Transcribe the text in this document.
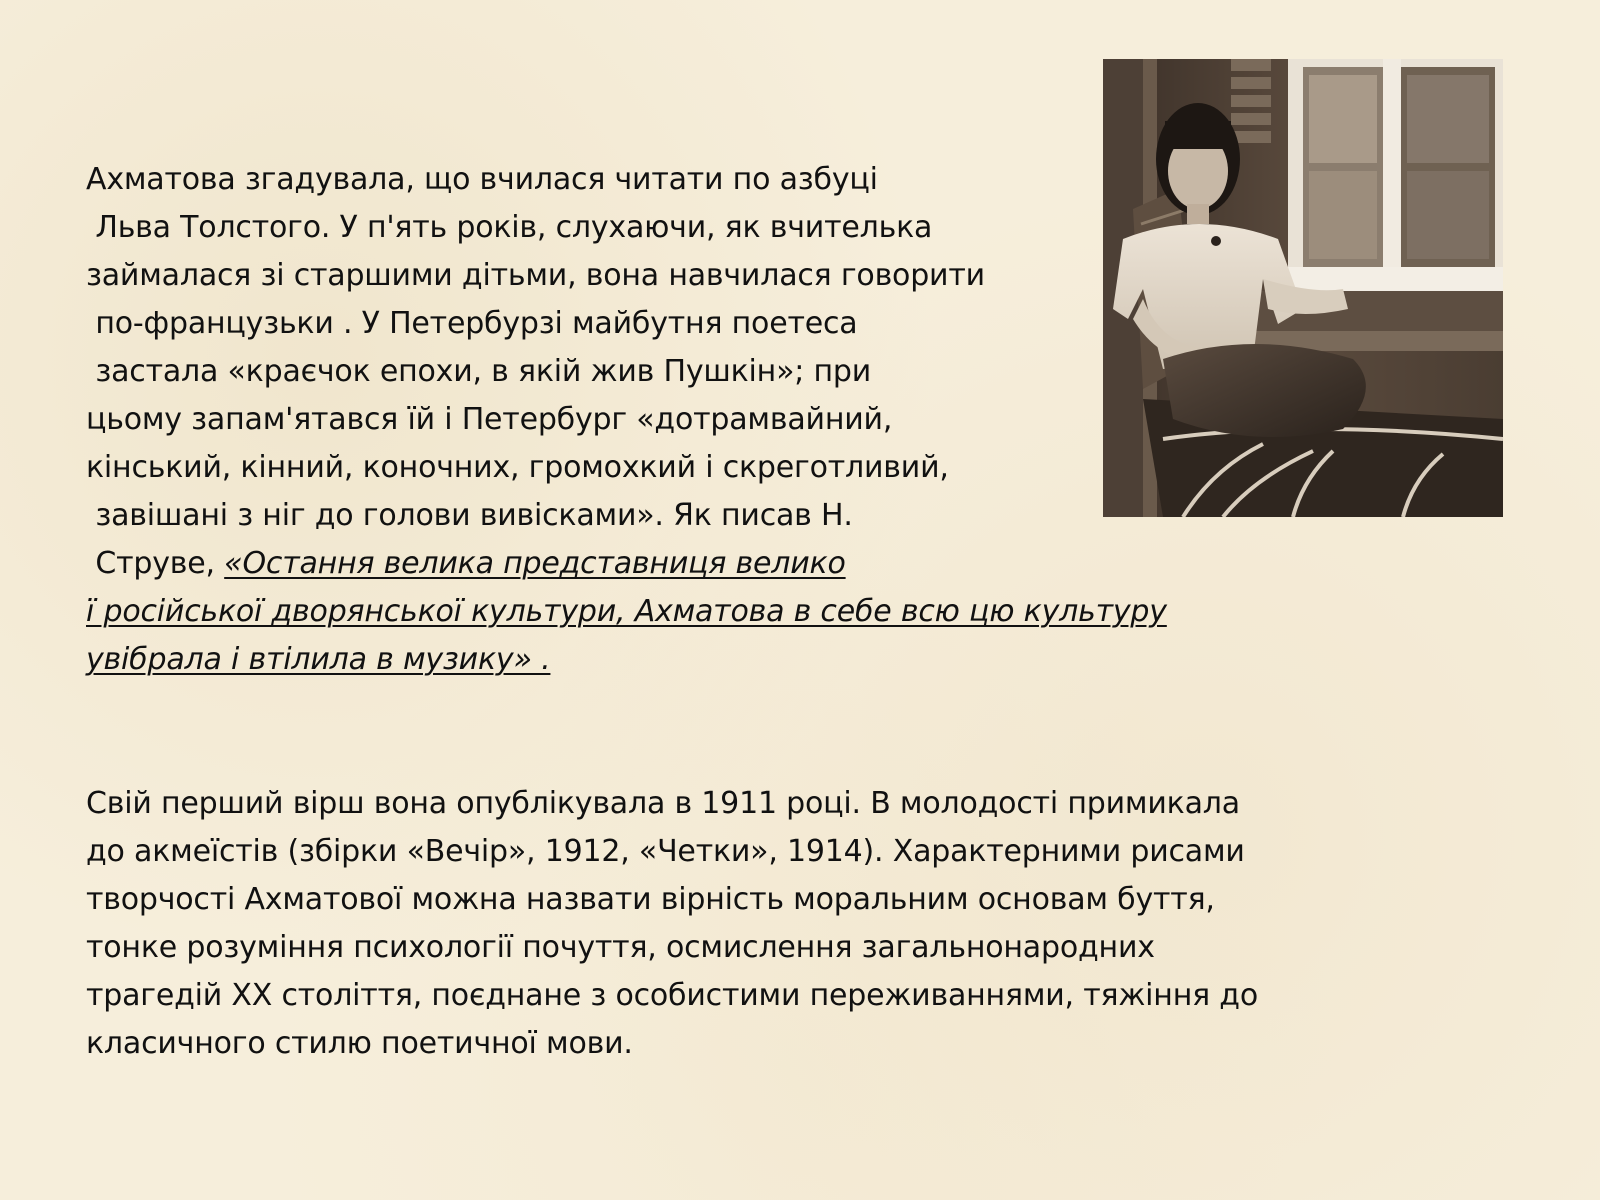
Ахматова згадувала, що вчилася читати по азбуці
Льва Толстого. У п'ять років, слухаючи, як вчителька
займалася зі старшими дітьми, вона навчилася говорити
по-французьки . У Петербурзі майбутня поетеса
застала «краєчок епохи, в якій жив Пушкін»; при
цьому запам'ятався їй і Петербург «дотрамвайний,
кінський, кінний, коночних, громохкий і скреготливий,
завішані з ніг до голови вивісками». Як писав Н.
Струве, «Остання велика представниця велико
ї російської дворянської культури, Ахматова в себе всю цю культуру
увібрала і втілила в музику» .
Свій перший вірш вона опублікувала в 1911 році. В молодості примикала
до акмеїстів (збірки «Вечір», 1912, «Четки», 1914). Характерними рисами
творчості Ахматової можна назвати вірність моральним основам буття,
тонке розуміння психології почуття, осмислення загальнонародних
трагедій XX століття, поєднане з особистими переживаннями, тяжіння до
класичного стилю поетичної мови.
